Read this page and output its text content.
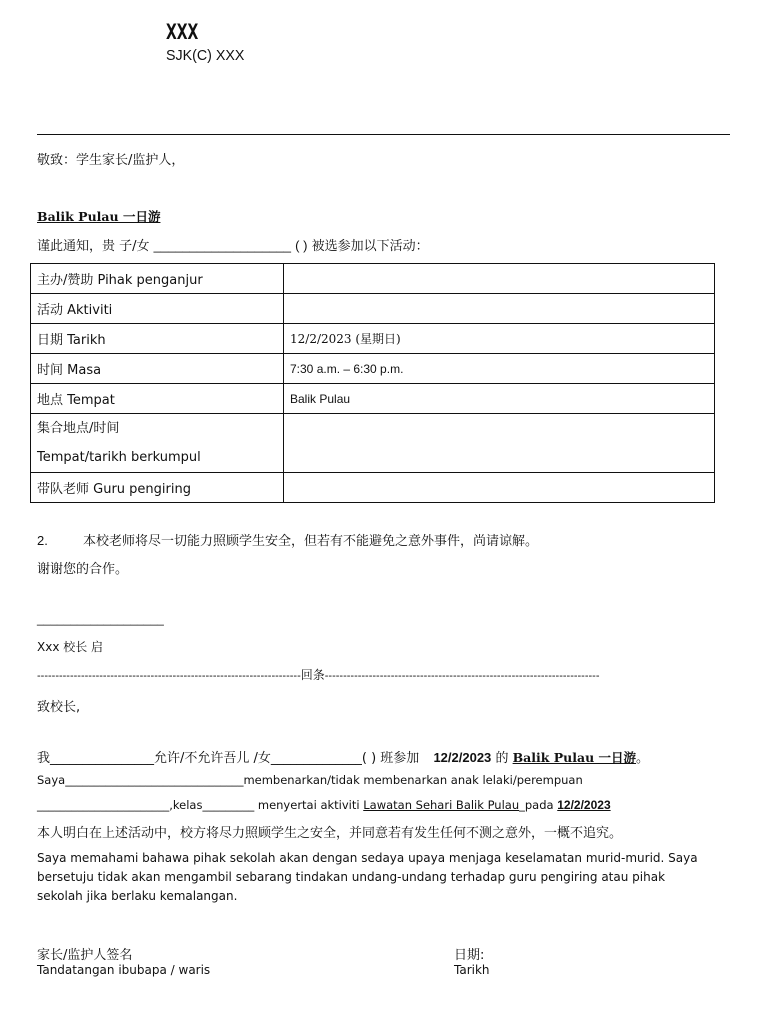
XXX
SJK(C) XXX
敬致：学生家长/监护人，
Balik Pulau 一日游
谨此通知，贵 子/女 ___________________ ( ) 被选参加以下活动：
主办/赞助 Pihak penganjur	
活动 Aktiviti	
日期 Tarikh	12/2/2023 (星期日)
时间 Masa	7:30 a.m. – 6:30 p.m.
地点 Tempat	Balik Pulau

集合地点/时间
Tempat/tarikh berkumpul	

带队老师 Guru pengiring	
2.	本校老师将尽一切能力照顾学生安全，但若有不能避免之意外事件，尚请谅解。
谢谢您的合作。
___________________
Xxx 校长 启
------------------------------------------------------------------------回条---------------------------------------------------------------------------
致校长,
我________________允许/不允许吾儿 /女______________( ) 班参加 12/2/2023 的 Balik Pulau 一日游。
Saya_______________________________membenarkan/tidak membenarkan anak lelaki/perempuan
_______________________,kelas_________ menyertai aktiviti Lawatan Sehari Balik Pulau_pada 12/2/2023
本人明白在上述活动中，校方将尽力照顾学生之安全，并同意若有发生任何不测之意外，一概不追究。
Saya memahami bahawa pihak sekolah akan dengan sedaya upaya menjaga keselamatan murid-murid. Saya
bersetuju tidak akan mengambil sebarang tindakan undang-undang terhadap guru pengiring atau pihak
sekolah jika berlaku kemalangan.
家长/监护人签名
Tandatangan ibubapa / waris
日期:
Tarikh
